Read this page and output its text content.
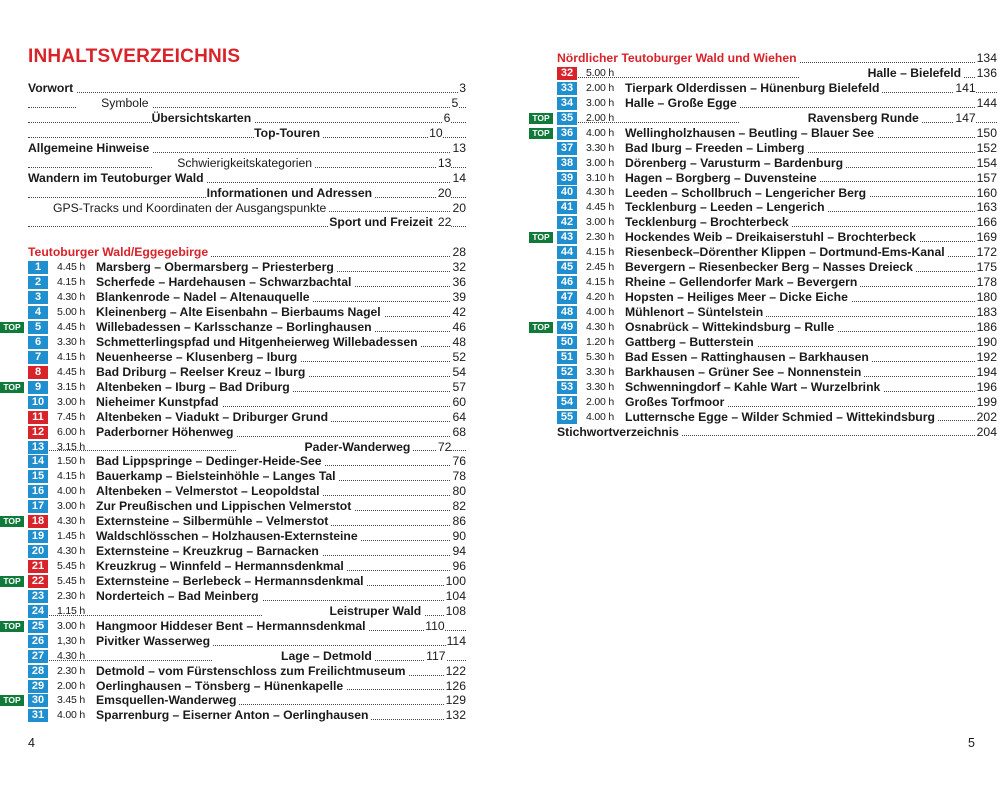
INHALTSVERZEICHNIS
Vorwort	3
Symbole	5
Übersichtskarten	6
Top-Touren	10
Allgemeine Hinweise	13
Schwierigkeitskategorien	13
Wandern im Teutoburger Wald	14
Informationen und Adressen	20
GPS-Tracks und Koordinaten der Ausgangspunkte	20
Sport und Freizeit 22
Teutoburger Wald/Eggegebirge	28
1	4.45 h Marsberg – Obermarsberg – Priesterberg	32
2	4.15 h Scherfede – Hardehausen – Schwarzbachtal	36
3	4.30 h Blankenrode – Nadel – Altenauquelle	39
4	5.00 h Kleinenberg – Alte Eisenbahn – Bierbaums Nagel	42
TOP	5	4.45 h Willebadessen – Karlsschanze – Borlinghausen	46
6	3.30 h Schmetterlingspfad und Hitgenheierweg Willebadessen	48
7	4.15 h Neuenheerse – Klusenberg – Iburg	52
8	4.45 h Bad Driburg – Reelser Kreuz – Iburg	54
TOP	9	3.15 h Altenbeken – Iburg – Bad Driburg	57
10	3.00 h Nieheimer Kunstpfad	60
11	7.45 h Altenbeken – Viadukt – Driburger Grund	64
12	6.00 h Paderborner Höhenweg	68
13	3.15 h	Pader-Wanderweg 72
14	1.50 h Bad Lippspringe – Dedinger-Heide-See	76
15	4.15 h Bauerkamp – Bielsteinhöhle – Langes Tal	78
16	4.00 h Altenbeken – Velmerstot – Leopoldstal	80
17	3.00 h Zur Preußischen und Lippischen Velmerstot	82
TOP	18	4.30 h Externsteine – Silbermühle – Velmerstot	86
19	1.45 h Waldschlösschen – Holzhausen-Externsteine	90
20	4.30 h Externsteine – Kreuzkrug – Barnacken	94
21	5.45 h Kreuzkrug – Winnfeld – Hermannsdenkmal	96
TOP	22	5.45 h Externsteine – Berlebeck – Hermannsdenkmal	100
23	2.30 h Norderteich – Bad Meinberg	104
24	1.15 h	Leistruper Wald 108
TOP	25	3.00 h Hangmoor Hiddeser Bent – Hermannsdenkmal	110
26	1,30 h Pivitker Wasserweg	114
27	4.30 h	Lage – Detmold	117
28	2.30 h Detmold – vom Fürstenschloss zum Freilichtmuseum	122
29	2.00 h Oerlinghausen – Tönsberg – Hünenkapelle	126
TOP	30	3.45 h Emsquellen-Wanderweg	129
31	4.00 h Sparrenburg – Eiserner Anton – Oerlinghausen	132
4
Nördlicher Teutoburger Wald und Wiehen	134
32	5.00 h	Halle – Bielefeld 136
33	2.00 h Tierpark Olderdissen – Hünenburg Bielefeld	141
34	3.00 h Halle – Große Egge	144
TOP	35	2.00 h	Ravensberg Runde	147
TOP	36	4.00 h Wellingholzhausen – Beutling – Blauer See	150
37	3.30 h Bad Iburg – Freeden – Limberg	152
38	3.00 h Dörenberg – Varusturm – Bardenburg	154
39	3.10 h Hagen – Borgberg – Duvensteine	157
40	4.30 h Leeden – Schollbruch – Lengericher Berg	160
41	4.45 h Tecklenburg – Leeden – Lengerich	163
42	3.00 h Tecklenburg – Brochterbeck	166
TOP	43	2.30 h Hockendes Weib – Dreikaiserstuhl – Brochterbeck	169
44	4.15 h Riesenbeck–Dörenther Klippen – Dortmund-Ems-Kanal	172
45	2.45 h Bevergern – Riesenbecker Berg – Nasses Dreieck	175
46	4.15 h Rheine – Gellendorfer Mark – Bevergern	178
47	4.20 h Hopsten – Heiliges Meer – Dicke Eiche	180
48	4.00 h Mühlenort – Süntelstein	183
TOP	49	4.30 h Osnabrück – Wittekindsburg – Rulle	186
50	1.20 h Gattberg – Butterstein	190
51	5.30 h Bad Essen – Rattinghausen – Barkhausen	192
52	3.30 h Barkhausen – Grüner See – Nonnenstein	194
53	3.30 h Schwenningdorf – Kahle Wart – Wurzelbrink	196
54	2.00 h Großes Torfmoor	199
55	4.00 h Lutternsche Egge – Wilder Schmied – Wittekindsburg	202
Stichwortverzeichnis	204
5
